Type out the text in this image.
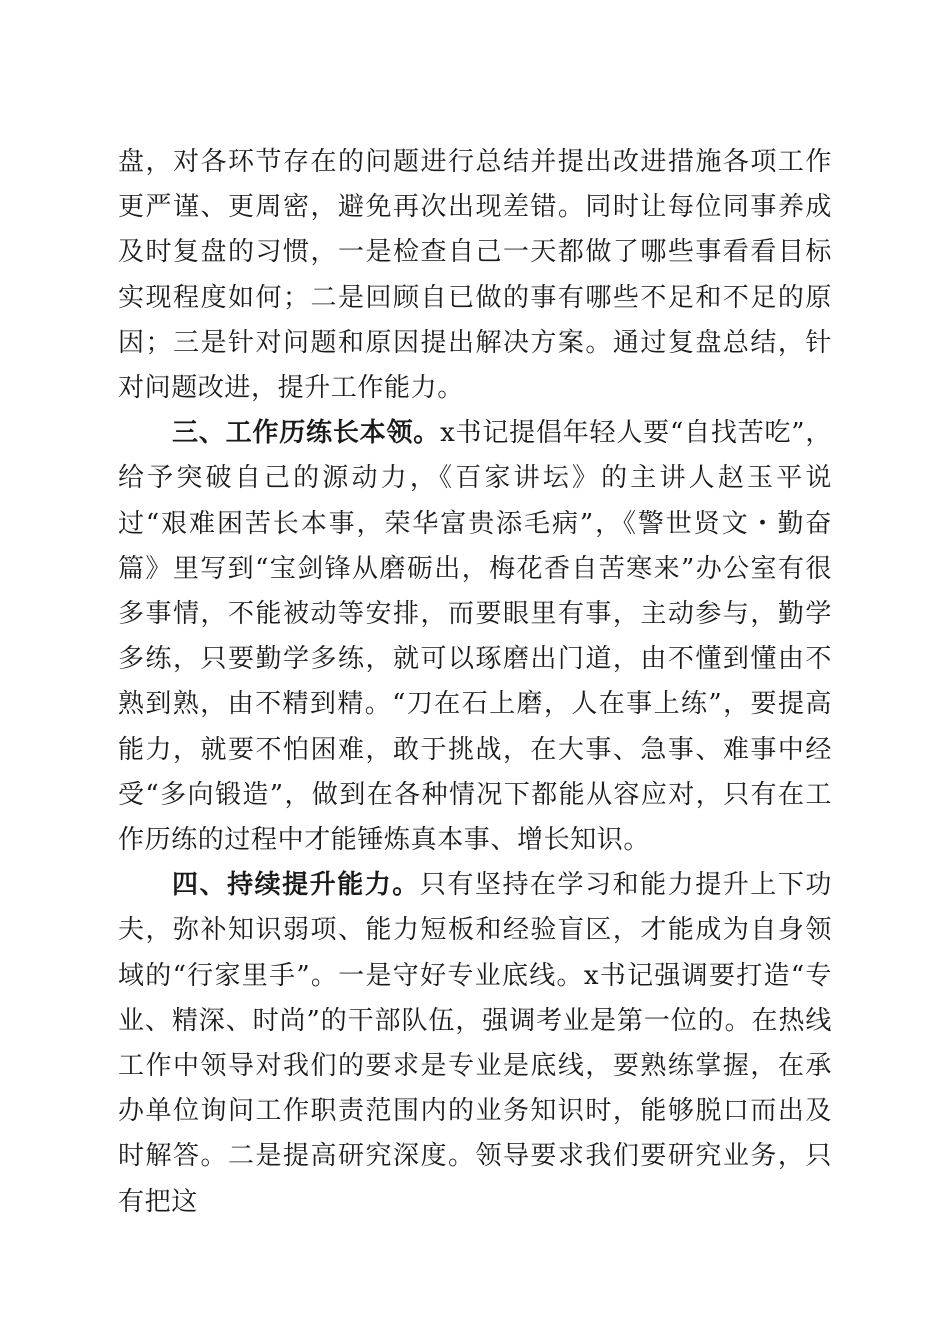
盘，对各环节存在的问题进行总结并提出改进措施各项工作更严谨、更周密，避免再次出现差错。同时让每位同事养成及时复盘的习惯，一是检查自己一天都做了哪些事看看目标实现程度如何；二是回顾自已做的事有哪些不足和不足的原因；三是针对问题和原因提出解决方案。通过复盘总结，针对问题改进，提升工作能力。

三、工作历练长本领。x书记提倡年轻人要“自找苦吃”，给予突破自己的源动力，《百家讲坛》的主讲人赵玉平说过“艰难困苦长本事，荣华富贵添毛病”，《警世贤文・勤奋篇》里写到“宝剑锋从磨砺出，梅花香自苦寒来”办公室有很多事情，不能被动等安排，而要眼里有事，主动参与，勤学多练，只要勤学多练，就可以琢磨出门道，由不懂到懂由不熟到熟，由不精到精。“刀在石上磨，人在事上练”，要提高能力，就要不怕困难，敢于挑战，在大事、急事、难事中经受“多向锻造”，做到在各种情况下都能从容应对，只有在工作历练的过程中才能锤炼真本事、增长知识。

四、持续提升能力。只有坚持在学习和能力提升上下功夫，弥补知识弱项、能力短板和经验盲区，才能成为自身领域的“行家里手”。一是守好专业底线。x书记强调要打造“专业、精深、时尚”的干部队伍，强调考业是第一位的。在热线工作中领导对我们的要求是专业是底线，要熟练掌握，在承办单位询问工作职责范围内的业务知识时，能够脱口而出及时解答。二是提高研究深度。领导要求我们要研究业务，只有把这
